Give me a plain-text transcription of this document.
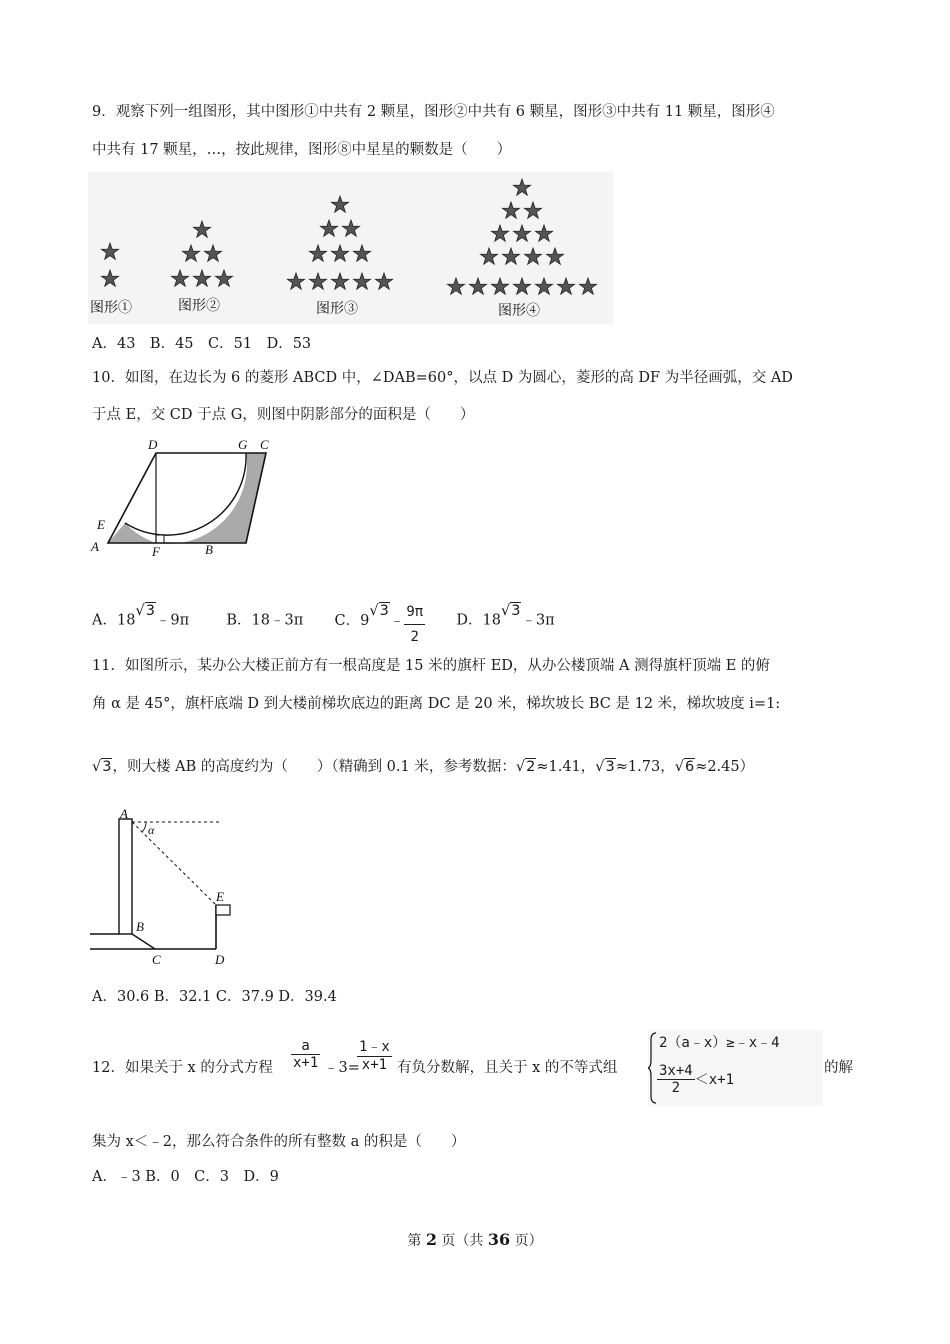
9．观察下列一组图形，其中图形①中共有 2 颗星，图形②中共有 6 颗星，图形③中共有 11 颗星，图形④
中共有 17 颗星，…，按此规律，图形⑧中星星的颗数是（　　）
图形①	图形②	图形③	图形④
A．43　B．45　C．51　D．53
10．如图，在边长为 6 的菱形 ABCD 中，∠DAB=60°，以点 D 为圆心，菱形的高 DF 为半径画弧，交 AD
于点 E，交 CD 于点 G，则图中阴影部分的面积是（　　）
D	G C
E
A	F	B
A．18√3﹣9π	B．18﹣3π C．9√3﹣ $\frac{9\pi}{2}$ D．18√3﹣3π
11．如图所示，某办公大楼正前方有一根高度是 15 米的旗杆 ED，从办公楼顶端 A 测得旗杆顶端 E 的俯
角 α 是 45°，旗杆底端 D 到大楼前梯坎底边的距离 DC 是 20 米，梯坎坡长 BC 是 12 米，梯坎坡度 i=1:
√3，则大楼 AB 的高度约为（　　）（精确到 0.1 米，参考数据：√2≈1.41，√3≈1.73，√6≈2.45）
A
α
B
C	D
E
A．30.6 B．32.1 C．37.9 D．39.4
12．如果关于 x 的分式方程 $\frac{a}{x+1}$ ﹣3=
$\frac{1﹣x}{x+1}$ 有负分数解，且关于 x 的不等式组
2（a﹣x）≥﹣x﹣4
$\frac{3x+4}{2} <x+1$
的解
集为 x＜﹣2，那么符合条件的所有整数 a 的积是（　　）
A．﹣3 B．0　C．3　D．9
第 2 页（共 36 页）
